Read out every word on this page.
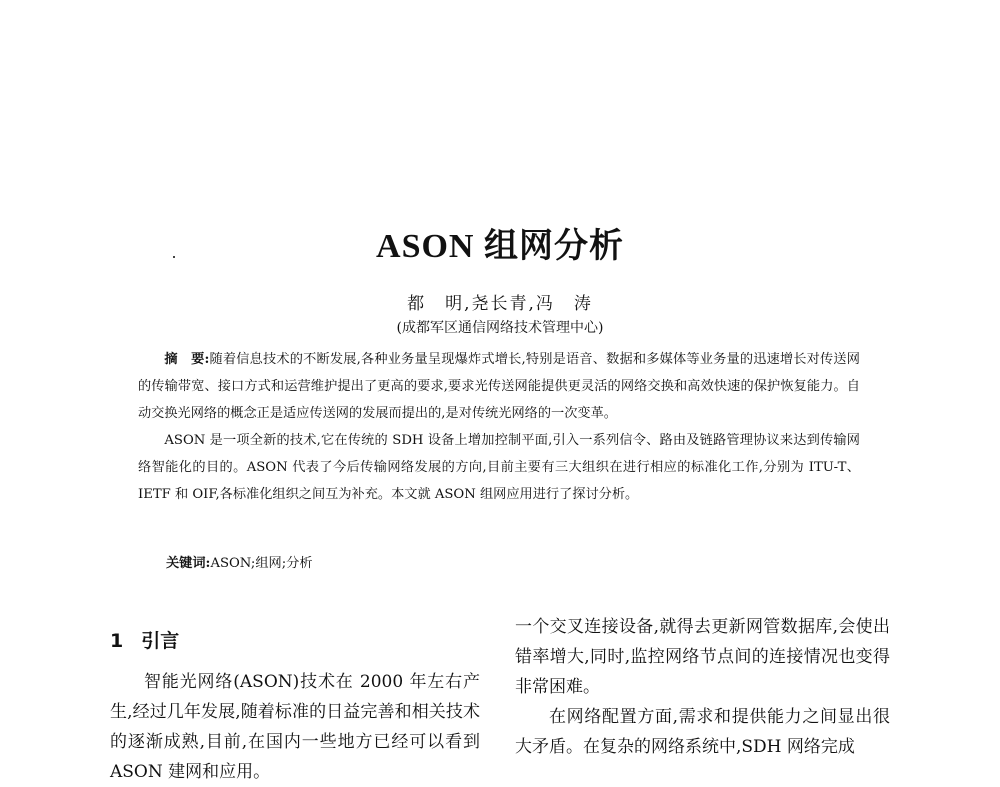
ASON 组网分析
都　明,尧长青,冯　涛
(成都军区通信网络技术管理中心)

摘　要:随着信息技术的不断发展,各种业务量呈现爆炸式增长,特别是语音、数据和多媒体等业务量的迅速增长对传送网的传输带宽、接口方式和运营维护提出了更高的要求,要求光传送网能提供更灵活的网络交换和高效快速的保护恢复能力。自动交换光网络的概念正是适应传送网的发展而提出的,是对传统光网络的一次变革。

ASON 是一项全新的技术,它在传统的 SDH 设备上增加控制平面,引入一系列信令、路由及链路管理协议来达到传输网络智能化的目的。ASON 代表了今后传输网络发展的方向,目前主要有三大组织在进行相应的标准化工作,分别为 ITU-T、IETF 和 OIF,各标准化组织之间互为补充。本文就 ASON 组网应用进行了探讨分析。

关键词:ASON;组网;分析
1 引言

智能光网络(ASON)技术在 2000 年左右产生,经过几年发展,随着标准的日益完善和相关技术的逐渐成熟,目前,在国内一些地方已经可以看到 ASON 建网和应用。

一个交叉连接设备,就得去更新网管数据库,会使出错率增大,同时,监控网络节点间的连接情况也变得非常困难。

在网络配置方面,需求和提供能力之间显出很大矛盾。在复杂的网络系统中,SDH 网络完成
